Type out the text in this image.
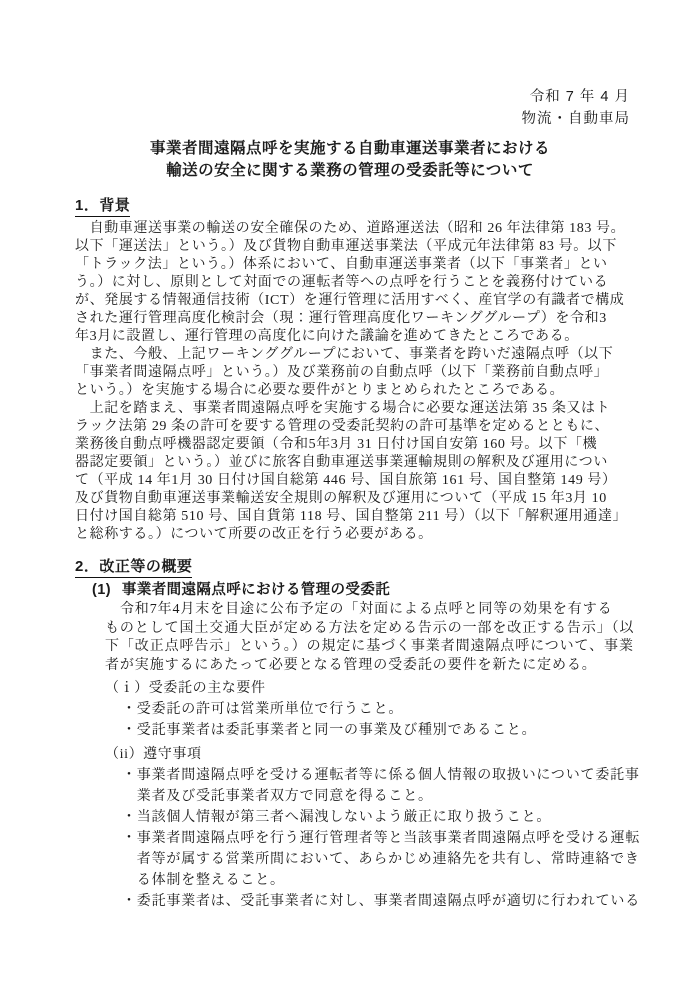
令和 7 年 4 月
物流・自動車局
事業者間遠隔点呼を実施する自動車運送事業者における
輸送の安全に関する業務の管理の受委託等について
1．背景
　自動車運送事業の輸送の安全確保のため、道路運送法（昭和 26 年法律第 183 号。
以下「運送法」という。）及び貨物自動車運送事業法（平成元年法律第 83 号。以下
「トラック法」という。）体系において、自動車運送事業者（以下「事業者」とい
う。）に対し、原則として対面での運転者等への点呼を行うことを義務付けている
が、発展する情報通信技術（ICT）を運行管理に活用すべく、産官学の有識者で構成
された運行管理高度化検討会（現：運行管理高度化ワーキンググループ）を令和3
年3月に設置し、運行管理の高度化に向けた議論を進めてきたところである。
　また、今般、上記ワーキンググループにおいて、事業者を跨いだ遠隔点呼（以下
「事業者間遠隔点呼」という。）及び業務前の自動点呼（以下「業務前自動点呼」
という。）を実施する場合に必要な要件がとりまとめられたところである。
　上記を踏まえ、事業者間遠隔点呼を実施する場合に必要な運送法第 35 条又はト
ラック法第 29 条の許可を要する管理の受委託契約の許可基準を定めるとともに、
業務後自動点呼機器認定要領（令和5年3月 31 日付け国自安第 160 号。以下「機
器認定要領」という。）並びに旅客自動車運送事業運輸規則の解釈及び運用につい
て（平成 14 年1月 30 日付け国自総第 446 号、国自旅第 161 号、国自整第 149 号）
及び貨物自動車運送事業輸送安全規則の解釈及び運用について（平成 15 年3月 10
日付け国自総第 510 号、国自貨第 118 号、国自整第 211 号）（以下「解釈運用通達」
と総称する。）について所要の改正を行う必要がある。
2．改正等の概要
(1) 事業者間遠隔点呼における管理の受委託
　令和7年4月末を目途に公布予定の「対面による点呼と同等の効果を有する
ものとして国土交通大臣が定める方法を定める告示の一部を改正する告示」（以
下「改正点呼告示」という。）の規定に基づく事業者間遠隔点呼について、事業
者が実施するにあたって必要となる管理の受委託の要件を新たに定める。
（ｉ）受委託の主な要件
・受委託の許可は営業所単位で行うこと。
・受託事業者は委託事業者と同一の事業及び種別であること。
（ii）遵守事項
・事業者間遠隔点呼を受ける運転者等に係る個人情報の取扱いについて委託事
　業者及び受託事業者双方で同意を得ること。
・当該個人情報が第三者へ漏洩しないよう厳正に取り扱うこと。
・事業者間遠隔点呼を行う運行管理者等と当該事業者間遠隔点呼を受ける運転
　者等が属する営業所間において、あらかじめ連絡先を共有し、常時連絡でき
　る体制を整えること。
・委託事業者は、受託事業者に対し、事業者間遠隔点呼が適切に行われている
